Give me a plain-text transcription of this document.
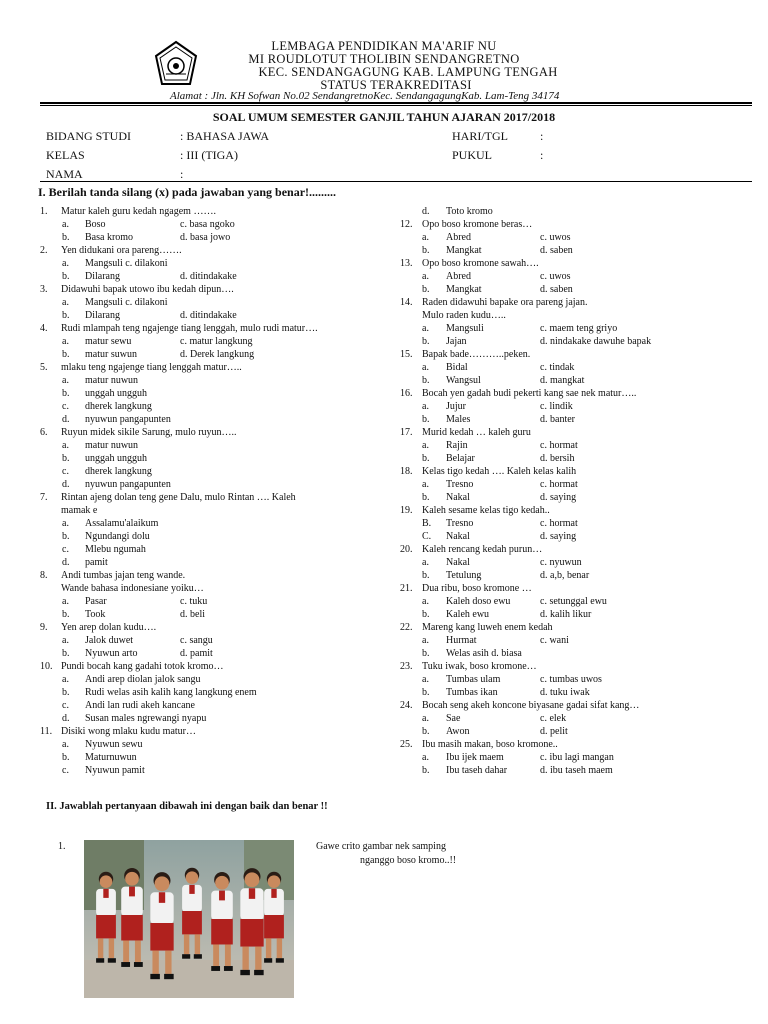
LEMBAGA PENDIDIKAN MA'ARIF NU
MI ROUDLOTUT THOLIBIN SENDANGRETNO
KEC. SENDANGAGUNG KAB. LAMPUNG TENGAH
STATUS TERAKREDITASI
Alamat : Jln. KH Sofwan No.02 SendangretnoKec. SendangagungKab. Lam-Teng 34174
SOAL UMUM SEMESTER GANJIL TAHUN AJARAN 2017/2018
BIDANG STUDI	: BAHASA JAWA
KELAS	: III (TIGA)
NAMA	:
HARI/TGL	:
PUKUL	:
I. Berilah tanda silang (x) pada jawaban yang benar!.........
1. Matur kaleh guru kedah ngagem …….
a. Boso	c. basa ngoko
b. Basa kromo	d. basa jowo
2. Yen didukani ora pareng…….
a. Mangsuli c. dilakoni
b. Dilarang	d. ditindakake
3. Didawuhi bapak utowo ibu kedah dipun….
a. Mangsuli c. dilakoni
b. Dilarang	d. ditindakake
4. Rudi mlampah teng ngajenge tiang lenggah, mulo rudi matur….
a. matur sewu	c. matur langkung
b. matur suwun	d. Derek langkung
5. mlaku teng ngajenge tiang lenggah matur…..
a. matur nuwun
b. unggah ungguh
c. dherek langkung
d. nyuwun pangapunten
6. Ruyun midek sikile Sarung, mulo ruyun…..
a. matur nuwun
b. unggah ungguh
c. dherek langkung
d. nyuwun pangapunten
7. Rintan ajeng dolan teng gene Dalu, mulo Rintan …. Kaleh
mamak e
a. Assalamu'alaikum
b. Ngundangi dolu
c. Mlebu ngumah
d. pamit
8. Andi tumbas jajan teng wande.
Wande bahasa indonesiane yoiku…
a. Pasar	c. tuku
b. Took	d. beli
9. Yen arep dolan kudu….
a. Jalok duwet	c. sangu
b. Nyuwun arto	d. pamit
10. Pundi bocah kang gadahi totok kromo…
a. Andi arep diolan jalok sangu
b. Rudi welas asih kalih kang langkung enem
c. Andi lan rudi akeh kancane
d. Susan males ngrewangi nyapu
11. Disiki wong mlaku kudu matur…
a. Nyuwun sewu
b. Maturnuwun
c. Nyuwun pamit
d. Toto kromo
12. Opo boso kromone beras…
a. Abred	c. uwos
b. Mangkat	d. saben
13. Opo boso kromone sawah….
a. Abred	c. uwos
b. Mangkat	d. saben
14. Raden didawuhi bapake ora pareng jajan.
Mulo raden kudu…..
a. Mangsuli	c. maem teng griyo
b. Jajan	d. nindakake dawuhe bapak
15. Bapak bade………..peken.
a. Bidal	c. tindak
b. Wangsul	d. mangkat
16. Bocah yen gadah budi pekerti kang sae nek matur…..
a. Jujur	c. lindik
b. Males	d. banter
17. Murid kedah … kaleh guru
a. Rajin	c. hormat
b. Belajar	d. bersih
18. Kelas tigo kedah …. Kaleh kelas kalih
a. Tresno	c. hormat
b. Nakal	d. saying
19. Kaleh sesame kelas tigo kedah..
B. Tresno	c. hormat
C. Nakal	d. saying
20. Kaleh rencang kedah purun…
a. Nakal	c. nyuwun
b. Tetulung	d. a,b, benar
21. Dua ribu, boso kromone …
a. Kaleh doso ewu	c. setunggal ewu
b. Kaleh ewu	d. kalih likur
22. Mareng kang luweh enem kedah
a. Hurmat	c. wani
b. Welas asih d. biasa
23. Tuku iwak, boso kromone…
a. Tumbas ulam	c. tumbas uwos
b. Tumbas ikan	d. tuku iwak
24. Bocah seng akeh koncone biyasane gadai sifat kang…
a. Sae	c. elek
b. Awon	d. pelit
25. Ibu masih makan, boso kromone..
a. Ibu ijek maem	c. ibu lagi mangan
b. Ibu taseh dahar	d. ibu taseh maem
II. Jawablah pertanyaan dibawah ini dengan baik dan benar !!
1.	Gawe crito gambar nek samping
nganggo boso kromo..!!
